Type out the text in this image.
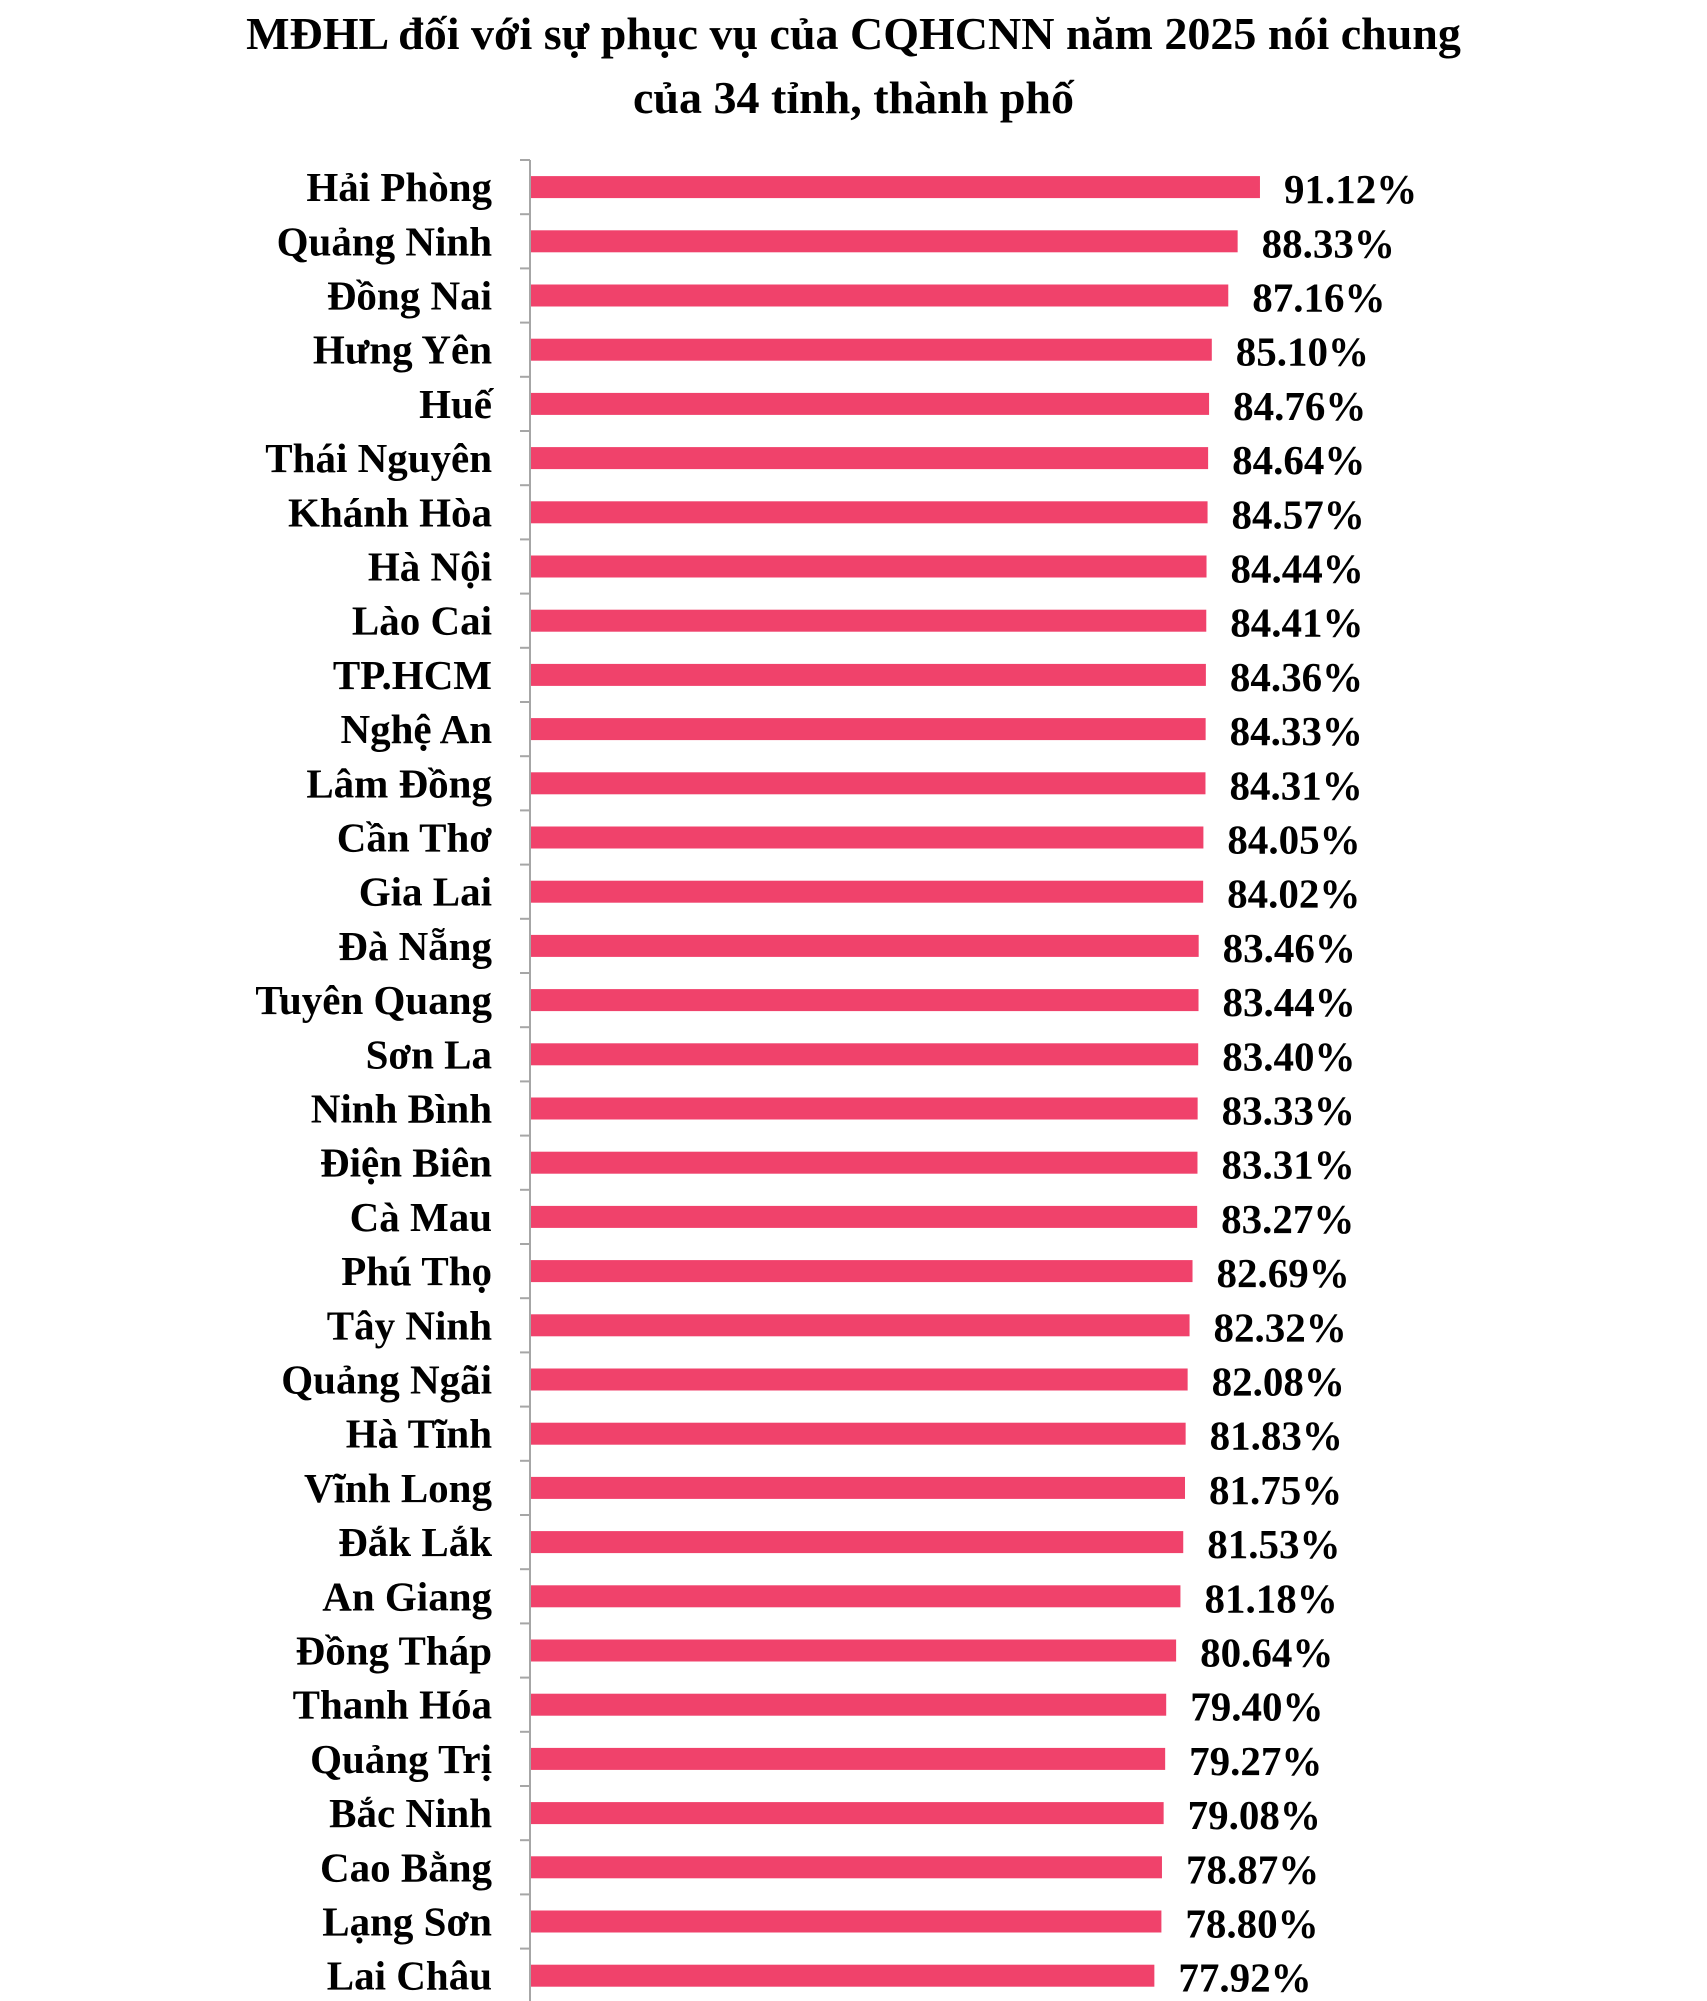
MĐHL đối với sự phục vụ của CQHCNN năm 2025 nói chung
của 34 tỉnh, thành phố
Hải Phòng
Quảng Ninh
Đồng Nai
Hưng Yên
Huế
Thái Nguyên
Khánh Hòa
Hà Nội
Lào Cai
TP.HCM
Nghệ An
Lâm Đồng
Cần Thơ
Gia Lai
Đà Nẵng
Tuyên Quang
Sơn La
Ninh Bình
Điện Biên
Cà Mau
Phú Thọ
Tây Ninh
Quảng Ngãi
Hà Tĩnh
Vĩnh Long
Đắk Lắk
An Giang
Đồng Tháp
Thanh Hóa
Quảng Trị
Bắc Ninh
Cao Bằng
Lạng Sơn
Lai Châu
91.12%
88.33%
87.16%
85.10%
84.76%
84.64%
84.57%
84.44%
84.41%
84.36%
84.33%
84.31%
84.05%
84.02%
83.46%
83.44%
83.40%
83.33%
83.31%
83.27%
82.69%
82.32%
82.08%
81.83%
81.75%
81.53%
81.18%
80.64%
79.40%
79.27%
79.08%
78.87%
78.80%
77.92%
